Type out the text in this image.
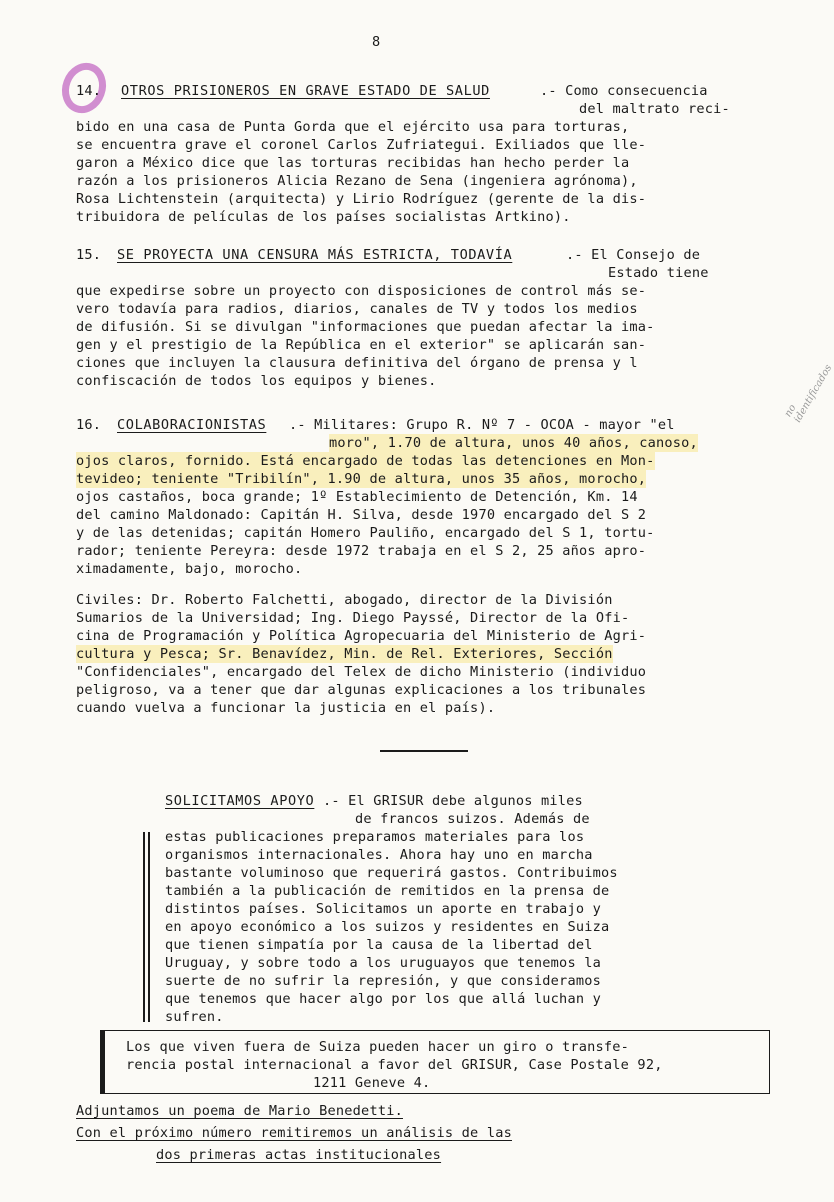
8
14. OTROS PRISIONEROS EN GRAVE ESTADO DE SALUD	.- Como consecuencia
del maltrato reci-
bido en una casa de Punta Gorda que el ejército usa para torturas,
se encuentra grave el coronel Carlos Zufriategui. Exiliados que lle-
garon a México dice que las torturas recibidas han hecho perder la
razón a los prisioneros Alicia Rezano de Sena (ingeniera agrónoma),
Rosa Lichtenstein (arquitecta) y Lirio Rodríguez (gerente de la dis-
tribuidora de películas de los países socialistas Artkino).
15. SE PROYECTA UNA CENSURA MÁS ESTRICTA, TODAVÍA	.- El Consejo de
Estado tiene
que expedirse sobre un proyecto con disposiciones de control más se-
vero todavía para radios, diarios, canales de TV y todos los medios
de difusión. Si se divulgan "informaciones que puedan afectar la ima-
gen y el prestigio de la República en el exterior" se aplicarán san-
ciones que incluyen la clausura definitiva del órgano de prensa y l
confiscación de todos los equipos y bienes.
16. COLABORACIONISTAS .- Militares: Grupo R. Nº 7 - OCOA - mayor "el
moro", 1.70 de altura, unos 40 años, canoso,
ojos claros, fornido. Está encargado de todas las detenciones en Mon-
tevideo; teniente "Tribilín", 1.90 de altura, unos 35 años, morocho,
ojos castaños, boca grande; 1º Establecimiento de Detención, Km. 14
del camino Maldonado: Capitán H. Silva, desde 1970 encargado del S 2
y de las detenidas; capitán Homero Pauliño, encargado del S 1, tortu-
rador; teniente Pereyra: desde 1972 trabaja en el S 2, 25 años apro-
ximadamente, bajo, morocho.
Civiles: Dr. Roberto Falchetti, abogado, director de la División
Sumarios de la Universidad; Ing. Diego Payssé, Director de la Ofi-
cina de Programación y Política Agropecuaria del Ministerio de Agri-
cultura y Pesca; Sr. Benavídez, Min. de Rel. Exteriores, Sección
"Confidenciales", encargado del Telex de dicho Ministerio (individuo
peligroso, va a tener que dar algunas explicaciones a los tribunales
cuando vuelva a funcionar la justicia en el país).
no identificados
SOLICITAMOS APOYO .- El GRISUR debe algunos miles
de francos suizos. Además de
estas publicaciones preparamos materiales para los
organismos internacionales. Ahora hay uno en marcha
bastante voluminoso que requerirá gastos. Contribuimos
también a la publicación de remitidos en la prensa de
distintos países. Solicitamos un aporte en trabajo y
en apoyo económico a los suizos y residentes en Suiza
que tienen simpatía por la causa de la libertad del
Uruguay, y sobre todo a los uruguayos que tenemos la
suerte de no sufrir la represión, y que consideramos
que tenemos que hacer algo por los que allá luchan y
sufren.
Los que viven fuera de Suiza pueden hacer un giro o transfe-
rencia postal internacional a favor del GRISUR, Case Postale 92,
1211 Geneve 4.
Adjuntamos un poema de Mario Benedetti.
Con el próximo número remitiremos un análisis de las
dos primeras actas institucionales
